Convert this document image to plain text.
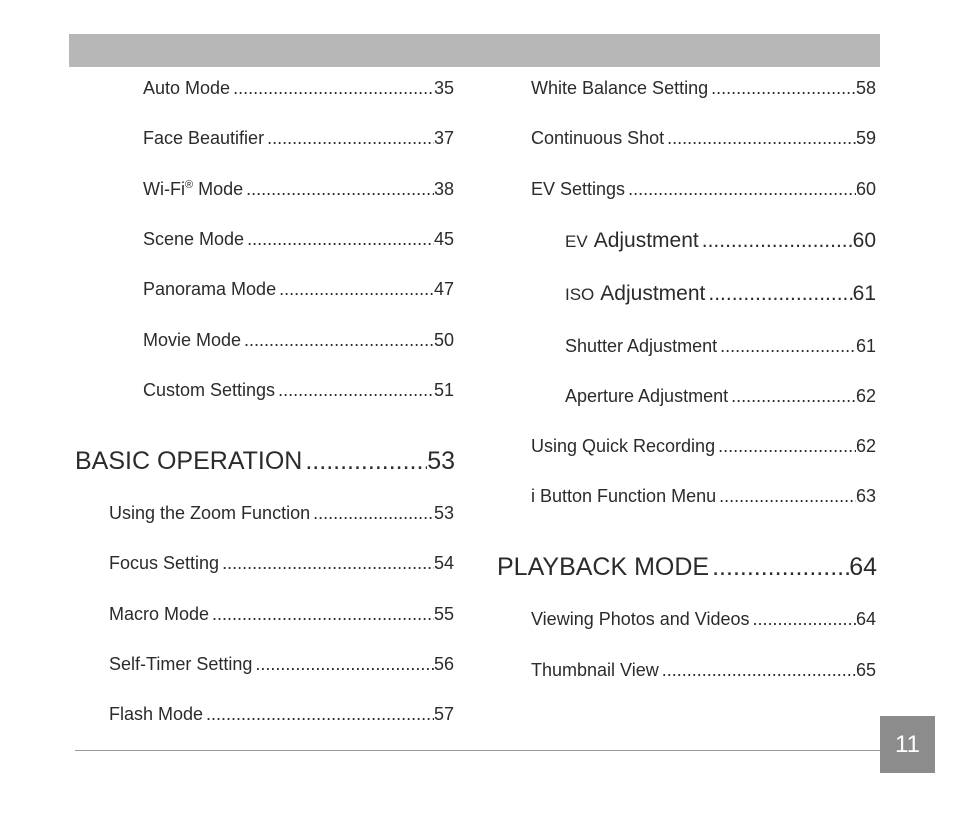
Auto Mode .....	35
Face Beautifier .....	37
Wi-Fi® Mode .....	38
Scene Mode .....	45
Panorama Mode .....	47
Movie Mode .....	50
Custom Settings .....	51
BASIC OPERATION .....	53
Using the Zoom Function .....	53
Focus Setting .....	54
Macro Mode .....	55
Self-Timer Setting .....	56
Flash Mode .....	57
White Balance Setting .....	58
Continuous Shot .....	59
EV Settings .....	60
EV Adjustment .....	60
ISO Adjustment .....	61
Shutter Adjustment .....	61
Aperture Adjustment .....	62
Using Quick Recording .....	62
i Button Function Menu .....	63
PLAYBACK MODE .....	64
Viewing Photos and Videos .....	64
Thumbnail View .....	65
11
